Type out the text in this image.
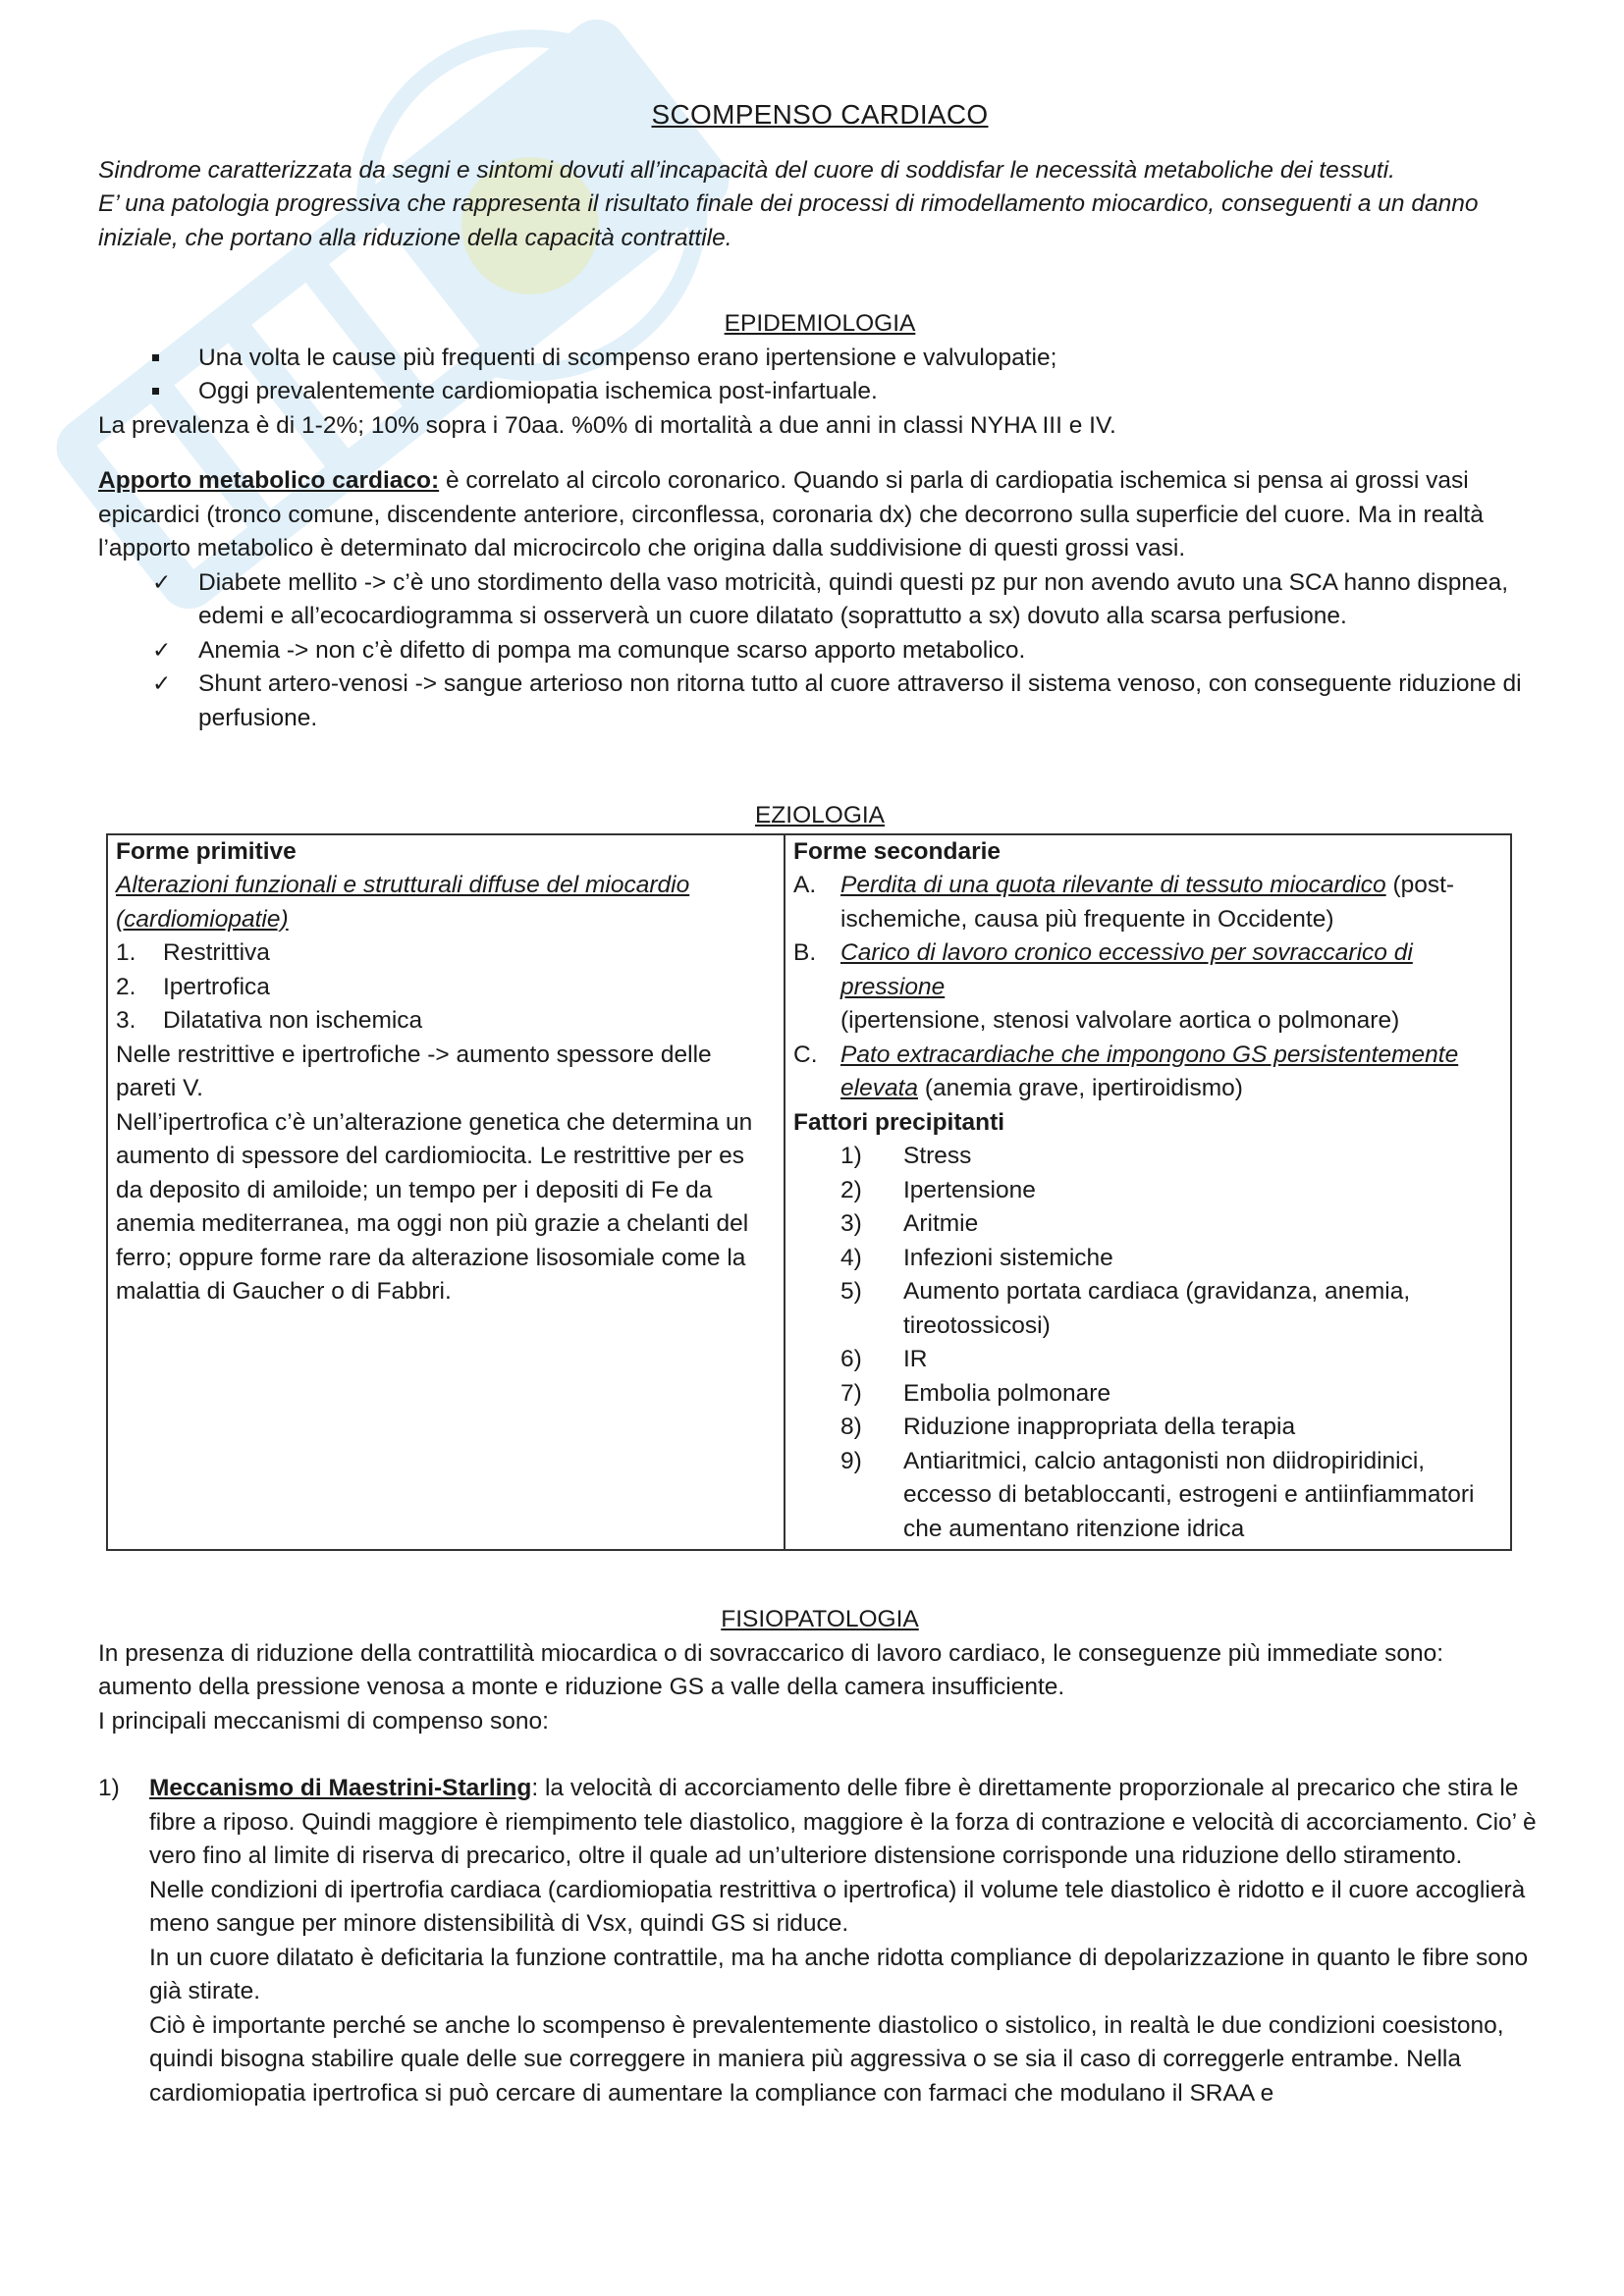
SCOMPENSO CARDIACO

Sindrome caratterizzata da segni e sintomi dovuti all’incapacità del cuore di soddisfar le necessità metaboliche dei tessuti.

E’ una patologia progressiva che rappresenta il risultato finale dei processi di rimodellamento miocardico, conseguenti a un danno iniziale, che portano alla riduzione della capacità contrattile.

EPIDEMIOLOGIA

Una volta le cause più frequenti di scompenso erano ipertensione e valvulopatie;
Oggi prevalentemente cardiomiopatia ischemica post-infartuale.

La prevalenza è di 1-2%; 10% sopra i 70aa. %0% di mortalità a due anni in classi NYHA III e IV.

Apporto metabolico cardiaco: è correlato al circolo coronarico. Quando si parla di cardiopatia ischemica si pensa ai grossi vasi epicardici (tronco comune, discendente anteriore, circonflessa, coronaria dx) che decorrono sulla superficie del cuore. Ma in realtà l’apporto metabolico è determinato dal microcircolo che origina dalla suddivisione di questi grossi vasi.

✓ Diabete mellito -> c’è uno stordimento della vaso motricità, quindi questi pz pur non avendo avuto una SCA hanno dispnea, edemi e all’ecocardiogramma si osserverà un cuore dilatato (soprattutto a sx) dovuto alla scarsa perfusione.
✓ Anemia -> non c’è difetto di pompa ma comunque scarso apporto metabolico.
✓ Shunt artero-venosi -> sangue arterioso non ritorna tutto al cuore attraverso il sistema venoso, con conseguente riduzione di perfusione.

EZIOLOGIA

Forme primitive

Alterazioni funzionali e strutturali diffuse del miocardio (cardiomiopatie)

1. Restrittiva
2. Ipertrofica
3. Dilatativa non ischemica

Nelle restrittive e ipertrofiche -> aumento spessore delle pareti V.

Nell’ipertrofica c’è un’alterazione genetica che determina un aumento di spessore del cardiomiocita. Le restrittive per es da deposito di amiloide; un tempo per i depositi di Fe da anemia mediterranea, ma oggi non più grazie a chelanti del ferro; oppure forme rare da alterazione lisosomiale come la malattia di Gaucher o di Fabbri.

Forme secondarie

A. Perdita di una quota rilevante di tessuto miocardico (post-ischemiche, causa più frequente in Occidente)
B. Carico di lavoro cronico eccessivo per sovraccarico di pressione
(ipertensione, stenosi valvolare aortica o polmonare)
C. Pato extracardiache che impongono GS persistentemente elevata (anemia grave, ipertiroidismo)

Fattori precipitanti

1) Stress
2) Ipertensione
3) Aritmie
4) Infezioni sistemiche
5) Aumento portata cardiaca (gravidanza, anemia, tireotossicosi)
6) IR
7) Embolia polmonare
8) Riduzione inappropriata della terapia
9) Antiaritmici, calcio antagonisti non diidropiridinici, eccesso di betabloccanti, estrogeni e antiinfiammatori che aumentano ritenzione idrica

FISIOPATOLOGIA

In presenza di riduzione della contrattilità miocardica o di sovraccarico di lavoro cardiaco, le conseguenze più immediate sono: aumento della pressione venosa a monte e riduzione GS a valle della camera insufficiente.

I principali meccanismi di compenso sono:

1) Meccanismo di Maestrini-Starling: la velocità di accorciamento delle fibre è direttamente proporzionale al precarico che stira le fibre a riposo. Quindi maggiore è riempimento tele diastolico, maggiore è la forza di contrazione e velocità di accorciamento. Cio’ è vero fino al limite di riserva di precarico, oltre il quale ad un’ulteriore distensione corrisponde una riduzione dello stiramento.

Nelle condizioni di ipertrofia cardiaca (cardiomiopatia restrittiva o ipertrofica) il volume tele diastolico è ridotto e il cuore accoglierà meno sangue per minore distensibilità di Vsx, quindi GS si riduce.

In un cuore dilatato è deficitaria la funzione contrattile, ma ha anche ridotta compliance di depolarizzazione in quanto le fibre sono già stirate.

Ciò è importante perché se anche lo scompenso è prevalentemente diastolico o sistolico, in realtà le due condizioni coesistono, quindi bisogna stabilire quale delle sue correggere in maniera più aggressiva o se sia il caso di correggerle entrambe. Nella cardiomiopatia ipertrofica si può cercare di aumentare la compliance con farmaci che modulano il SRAA e
